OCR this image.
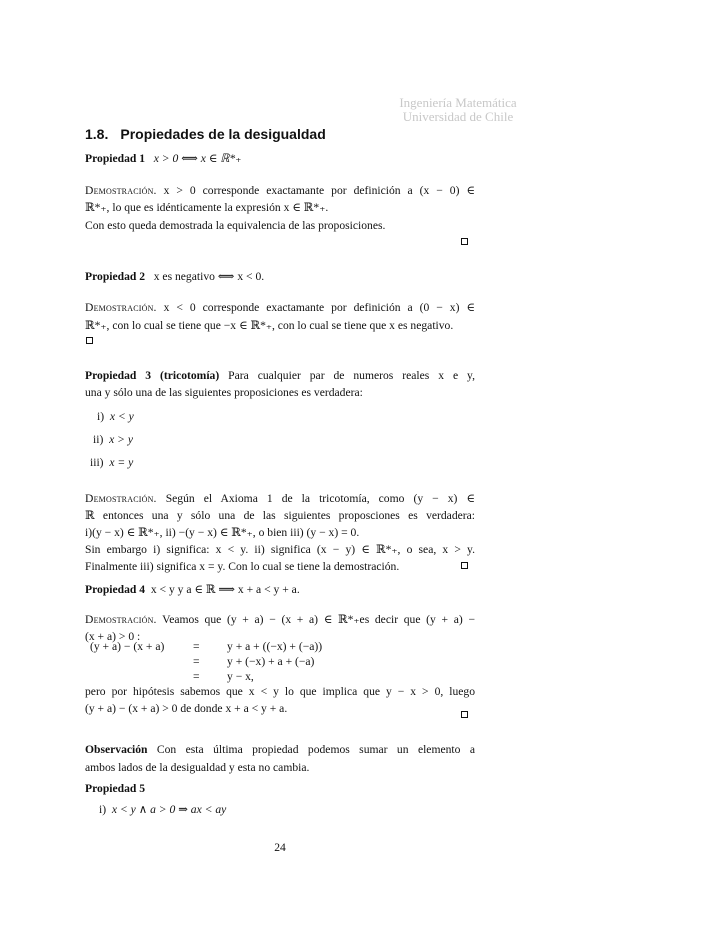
Ingeniería Matemática
Universidad de Chile
1.8. Propiedades de la desigualdad
Propiedad 1 x > 0 ⟺ x ∈ ℝ*₊
Demostración. x > 0 corresponde exactamante por definición a (x − 0) ∈
ℝ*₊, lo que es idénticamente la expresión x ∈ ℝ*₊.
Con esto queda demostrada la equivalencia de las proposiciones.
Propiedad 2 x es negativo ⟺ x < 0.
Demostración. x < 0 corresponde exactamante por definición a (0 − x) ∈
ℝ*₊, con lo cual se tiene que −x ∈ ℝ*₊, con lo cual se tiene que x es negativo.
Propiedad 3 (tricotomía) Para cualquier par de numeros reales x e y,
una y sólo una de las siguientes proposiciones es verdadera:
i) x < y
ii) x > y
iii) x = y
Demostración. Según el Axioma 1 de la tricotomía, como (y − x) ∈
ℝ entonces una y sólo una de las siguientes proposciones es verdadera:
i)(y − x) ∈ ℝ*₊, ii) −(y − x) ∈ ℝ*₊, o bien iii) (y − x) = 0.
Sin embargo i) significa: x < y. ii) significa (x − y) ∈ ℝ*₊, o sea, x > y.
Finalmente iii) significa x = y. Con lo cual se tiene la demostración.
Propiedad 4 x < y y a ∈ ℝ ⟹ x + a < y + a.
Demostración. Veamos que (y + a) − (x + a) ∈ ℝ*₊es decir que (y + a) −
(x + a) > 0 :
(y + a) − (x + a) = y + a + ((−x) + (−a))
= y + (−x) + a + (−a)
= y − x,
pero por hipótesis sabemos que x < y lo que implica que y − x > 0, luego
(y + a) − (x + a) > 0 de donde x + a < y + a.
Observación Con esta última propiedad podemos sumar un elemento a
ambos lados de la desigualdad y esta no cambia.
Propiedad 5
i) x < y ∧ a > 0 ⇒ ax < ay
24
